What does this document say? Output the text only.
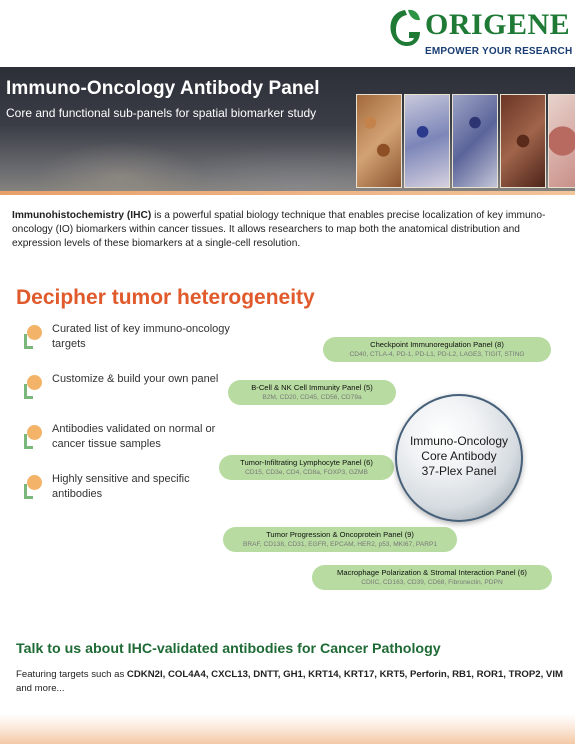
ORIGENE
EMPOWER YOUR RESEARCH
Immuno-Oncology Antibody Panel
Core and functional sub-panels for spatial biomarker study

Immunohistochemistry (IHC) is a powerful spatial biology technique that enables precise localization of key immuno-oncology (IO) biomarkers within cancer tissues. It allows researchers to map both the anatomical distribution and expression levels of these biomarkers at a single-cell resolution.

Decipher tumor heterogeneity
Curated list of key immuno-oncology targets
Customize & build your own panel
Antibodies validated on normal or cancer tissue samples
Highly sensitive and specific antibodies
Checkpoint Immunoregulation Panel (8)
CD40, CTLA-4, PD-1, PD-L1, PD-L2, LAGE3, TIGIT, STING
B-Cell & NK Cell Immunity Panel (5)
B2M, CD20, CD45, CD56, CD79a
Tumor-Infiltrating Lymphocyte Panel (6)
CD15, CD3e, CD4, CD8a, FOXP3, GZMB
Tumor Progression & Oncoprotein Panel (9)
BRAF, CD138, CD31, EGFR, EPCAM, HER2, p53, MKI67, PARP1
Macrophage Polarization & Stromal Interaction Panel (6)
CDIIC, CD163, CD39, CD68, Fibronectin, PDPN
Immuno-Oncology
Core Antibody
37-Plex Panel
Talk to us about IHC-validated antibodies for Cancer Pathology

Featuring targets such as CDKN2I, COL4A4, CXCL13, DNTT, GH1, KRT14, KRT17, KRT5, Perforin, RB1, ROR1, TROP2, VIM and more...
